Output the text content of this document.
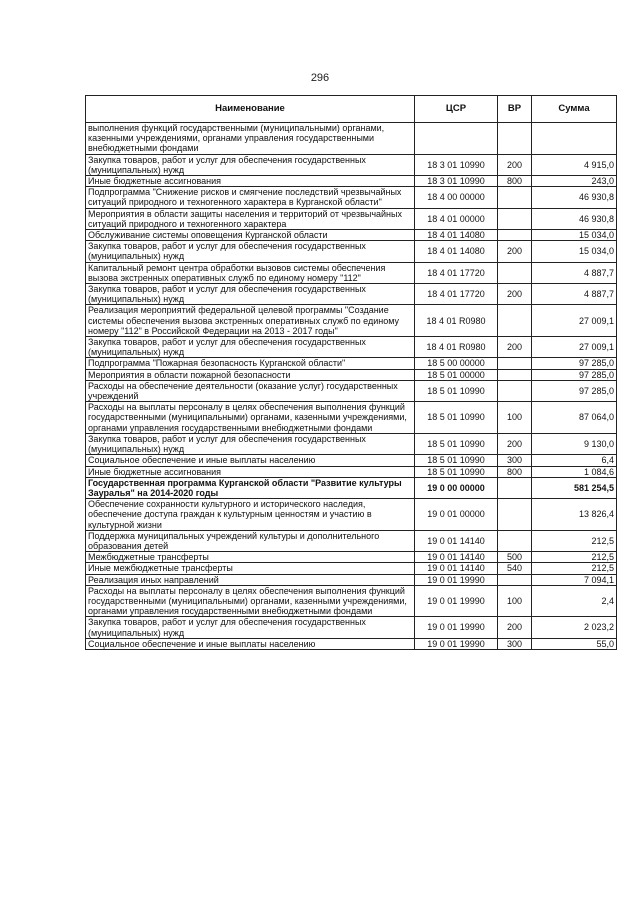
296
Наименование	ЦСР	ВР	Сумма
выполнения функций государственными (муниципальными) органами, казенными учреждениями, органами управления государственными внебюджетными фондами			
Закупка товаров, работ и услуг для обеспечения государственных (муниципальных) нужд	18 3 01 10990	200	4 915,0
Иные бюджетные ассигнования	18 3 01 10990	800	243,0
Подпрограмма "Снижение рисков и смягчение последствий чрезвычайных ситуаций природного и техногенного характера в Курганской области"	18 4 00 00000		46 930,8
Мероприятия в области защиты населения и территорий от чрезвычайных ситуаций природного и техногенного характера	18 4 01 00000		46 930,8
Обслуживание системы оповещения Курганской области	18 4 01 14080		15 034,0
Закупка товаров, работ и услуг для обеспечения государственных (муниципальных) нужд	18 4 01 14080	200	15 034,0
Капитальный ремонт центра обработки вызовов системы обеспечения вызова экстренных оперативных служб по единому номеру "112"	18 4 01 17720		4 887,7
Закупка товаров, работ и услуг для обеспечения государственных (муниципальных) нужд	18 4 01 17720	200	4 887,7
Реализация мероприятий федеральной целевой программы "Создание системы обеспечения вызова экстренных оперативных служб по единому номеру "112" в Российской Федерации на 2013 - 2017 годы"	18 4 01 R0980		27 009,1
Закупка товаров, работ и услуг для обеспечения государственных (муниципальных) нужд	18 4 01 R0980	200	27 009,1
Подпрограмма "Пожарная безопасность Курганской области"	18 5 00 00000		97 285,0
Мероприятия в области пожарной безопасности	18 5 01 00000		97 285,0
Расходы на обеспечение деятельности (оказание услуг) государственных учреждений	18 5 01 10990		97 285,0
Расходы на выплаты персоналу в целях обеспечения выполнения функций государственными (муниципальными) органами, казенными учреждениями, органами управления государственными внебюджетными фондами	18 5 01 10990	100	87 064,0
Закупка товаров, работ и услуг для обеспечения государственных (муниципальных) нужд	18 5 01 10990	200	9 130,0
Социальное обеспечение и иные выплаты населению	18 5 01 10990	300	6,4
Иные бюджетные ассигнования	18 5 01 10990	800	1 084,6
Государственная программа Курганской области "Развитие культуры Зауралья" на 2014-2020 годы	19 0 00 00000		581 254,5
Обеспечение сохранности культурного и исторического наследия, обеспечение доступа граждан к культурным ценностям и участию в культурной жизни	19 0 01 00000		13 826,4
Поддержка муниципальных учреждений культуры и дополнительного образования детей	19 0 01 14140		212,5
Межбюджетные трансферты	19 0 01 14140	500	212,5
Иные межбюджетные трансферты	19 0 01 14140	540	212,5
Реализация иных направлений	19 0 01 19990		7 094,1
Расходы на выплаты персоналу в целях обеспечения выполнения функций государственными (муниципальными) органами, казенными учреждениями, органами управления государственными внебюджетными фондами	19 0 01 19990	100	2,4
Закупка товаров, работ и услуг для обеспечения государственных (муниципальных) нужд	19 0 01 19990	200	2 023,2
Социальное обеспечение и иные выплаты населению	19 0 01 19990	300	55,0
